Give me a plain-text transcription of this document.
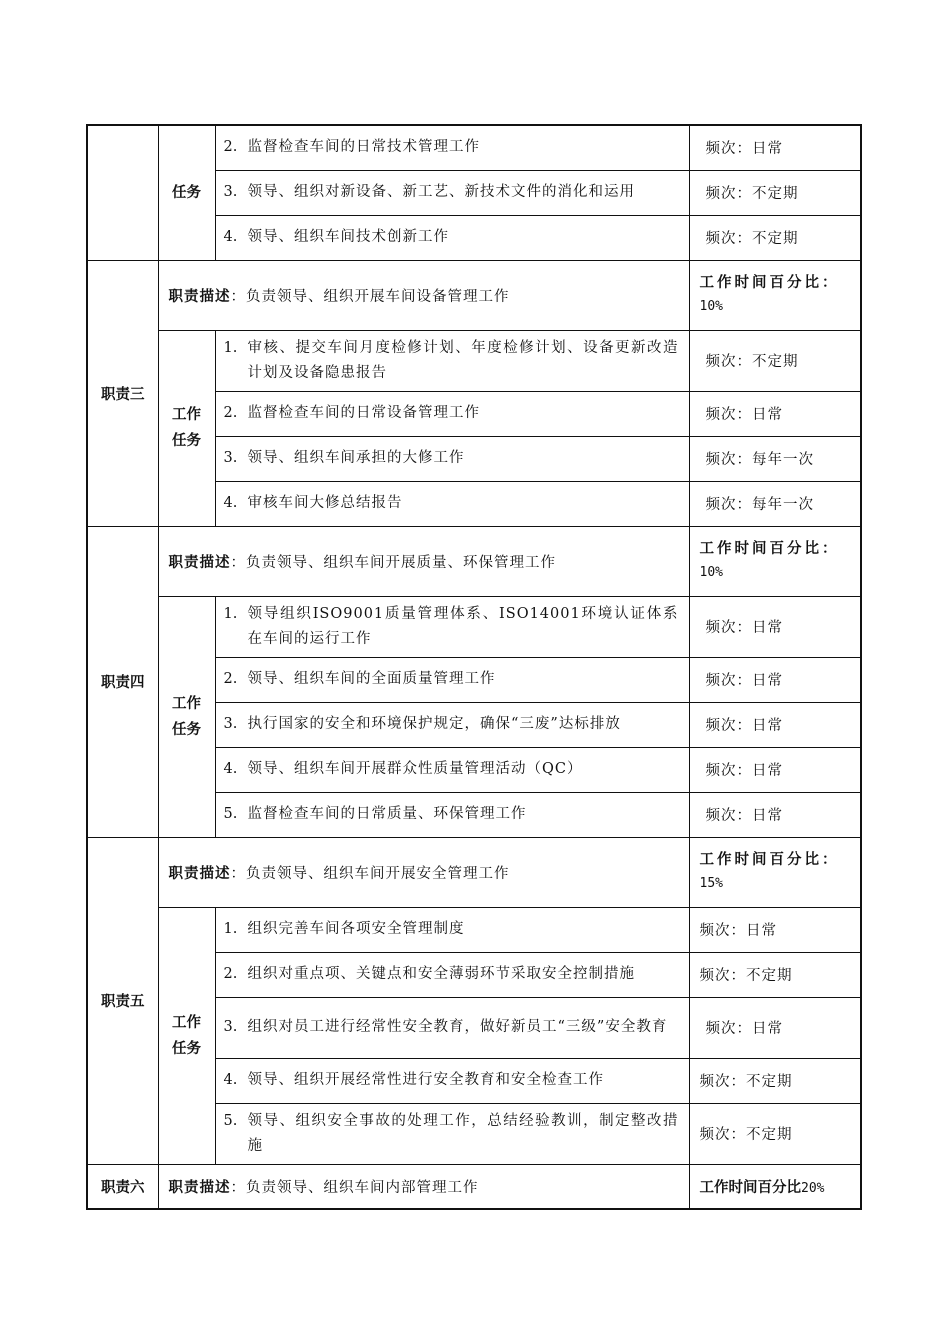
	任务	2. 监督检查车间的日常技术管理工作	频次：日常

		3. 领导、组织对新设备、新工艺、新技术文件的消化和运用	频次：不定期

		4. 领导、组织车间技术创新工作	频次：不定期

职责三	职责描述：负责领导、组织开展车间设备管理工作		工作时间百分比：
10%

	工作任务	1. 审核、提交车间月度检修计划、年度检修计划、设备更新改造计划及设备隐患报告	频次：不定期

		2. 监督检查车间的日常设备管理工作	频次：日常

		3. 领导、组织车间承担的大修工作	频次：每年一次

		4. 审核车间大修总结报告	频次：每年一次

职责四	职责描述：负责领导、组织车间开展质量、环保管理工作		工作时间百分比：
10%

	工作任务	1. 领导组织ISO9001质量管理体系、ISO14001环境认证体系在车间的运行工作	频次：日常

		2. 领导、组织车间的全面质量管理工作	频次：日常

		3. 执行国家的安全和环境保护规定，确保“三废”达标排放	频次：日常

		4. 领导、组织车间开展群众性质量管理活动（QC）	频次：日常

		5. 监督检查车间的日常质量、环保管理工作	频次：日常

职责五	职责描述：负责领导、组织车间开展安全管理工作		工作时间百分比：
15%

	工作任务	1. 组织完善车间各项安全管理制度	频次：日常

		2. 组织对重点项、关键点和安全薄弱环节采取安全控制措施	频次：不定期

		3. 组织对员工进行经常性安全教育，做好新员工“三级”安全教育	频次：日常

		4. 领导、组织开展经常性进行安全教育和安全检查工作	频次：不定期

		5. 领导、组织安全事故的处理工作，总结经验教训，制定整改措施	频次：不定期

职责六	职责描述：负责领导、组织车间内部管理工作		工作时间百分比20%
